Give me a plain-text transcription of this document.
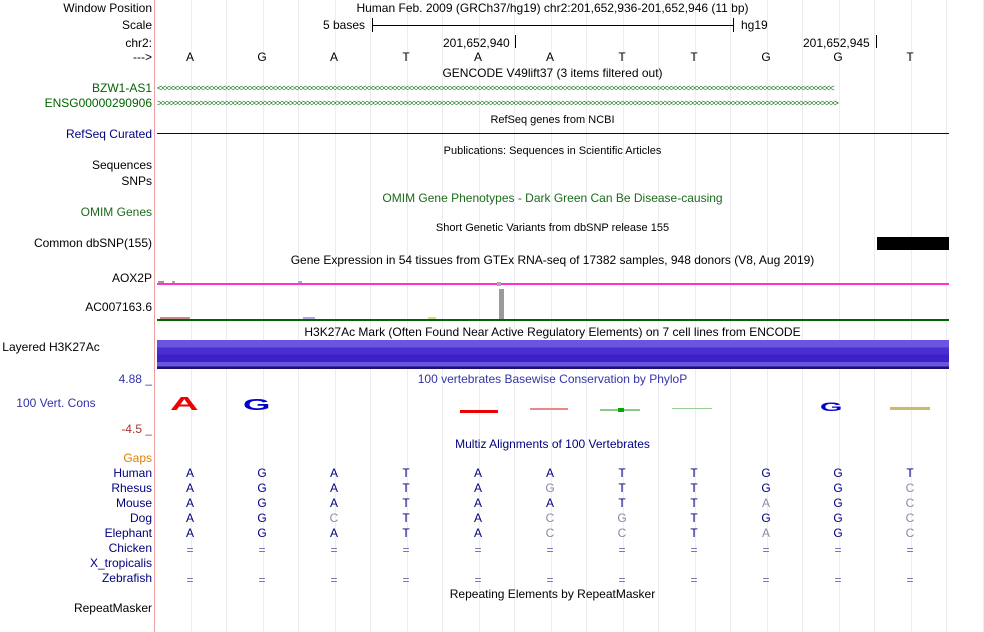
Window Position	Human Feb. 2009 (GRCh37/hg19) chr2:201,652,936-201,652,946 (11 bp)
Scale	5 bases	hg19
chr2:	201,652,940	201,652,945
--->	A	G	A	T	A	A	T	T	G	G	T
GENCODE V49lift37 (3 items filtered out)
BZW1-AS1 <<<<<<<<<<<<<<<<<<<<<<<<<<<<<<<<<<<<<<<<<<<<<<<<<<<<<<<<<<<<<<<<<<<<<<<<<<<<<<<<<<<<<<<<<<<<<<<<<<<<<<<<<<<<<<<<<<<<<<<<<<<<<<<<<<<<<<<<<<<<<<<<<<<<<<<<<<<<<<<
ENSG00000290906 >>>>>>>>>>>>>>>>>>>>>>>>>>>>>>>>>>>>>>>>>>>>>>>>>>>>>>>>>>>>>>>>>>>>>>>>>>>>>>>>>>>>>>>>>>>>>>>>>>>>>>>>>>>>>>>>>>>>>>>>>>>>>>>>>>>>>>>>>>>>>>>>>>>>>>>>>>>>>>>>
RefSeq genes from NCBI
RefSeq Curated
Publications: Sequences in Scientific Articles
Sequences
SNPs
OMIM Gene Phenotypes - Dark Green Can Be Disease-causing
OMIM Genes
Short Genetic Variants from dbSNP release 155
Common dbSNP(155)
Gene Expression in 54 tissues from GTEx RNA-seq of 17382 samples, 948 donors (V8, Aug 2019)
AOX2P
AC007163.6
H3K27Ac Mark (Often Found Near Active Regulatory Elements) on 7 cell lines from ENCODE
Layered H3K27Ac
100 vertebrates Basewise Conservation by PhyloP
4.88 _
100 Vert. Cons
-4.5 _
A	G	G
Multiz Alignments of 100 Vertebrates
Gaps
Human	A	G	A	T	A	A	T	T	G	G	T
Rhesus	A	G	A	T	A	G	T	T	G	G	C
Mouse	A	G	A	T	A	A	T	T	A	G	C
Dog	A	G	C	T	A	C	G	T	G	G	C
Elephant	A	G	A	T	A	C	C	T	A	G	C
Chicken	=	=	=	=	=	=	=	=	=	=	=
X_tropicalis
Zebrafish	=	=	=	=	=	=	=	=	=	=	=
Repeating Elements by RepeatMasker
RepeatMasker
